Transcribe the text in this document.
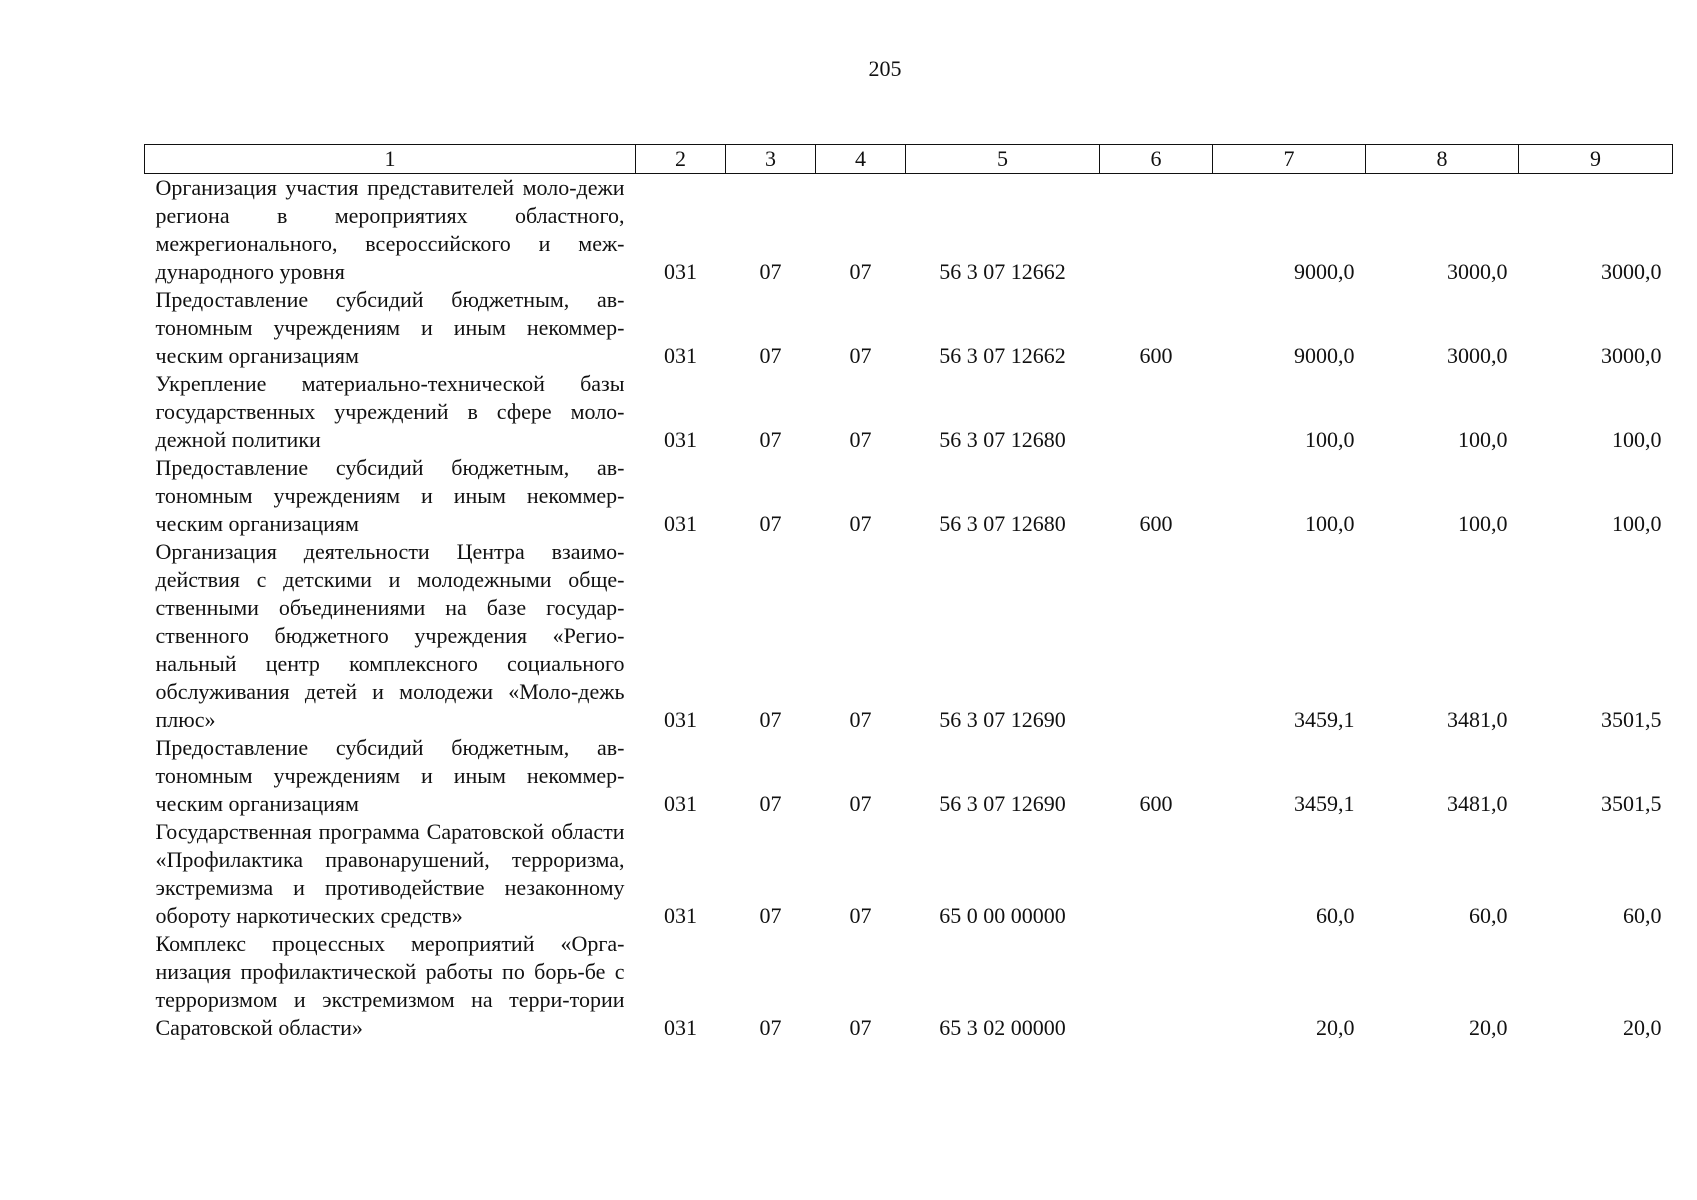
205
1	2	3	4	5	6	7	8	9
Организация участия представителей моло-дежи региона в мероприятиях областного, межрегионального, всероссийского и меж-дународного уровня	031	07	07	56 3 07 12662		9000,0	3000,0	3000,0
Предоставление субсидий бюджетным, ав-тономным учреждениям и иным некоммер-ческим организациям	031	07	07	56 3 07 12662	600	9000,0	3000,0	3000,0
Укрепление материально-технической базы государственных учреждений в сфере моло-дежной политики	031	07	07	56 3 07 12680		100,0	100,0	100,0
Предоставление субсидий бюджетным, ав-тономным учреждениям и иным некоммер-ческим организациям	031	07	07	56 3 07 12680	600	100,0	100,0	100,0
Организация деятельности Центра взаимо-действия с детскими и молодежными обще-ственными объединениями на базе государ-ственного бюджетного учреждения «Регио-нальный центр комплексного социального обслуживания детей и молодежи «Моло-дежь плюс»	031	07	07	56 3 07 12690		3459,1	3481,0	3501,5
Предоставление субсидий бюджетным, ав-тономным учреждениям и иным некоммер-ческим организациям	031	07	07	56 3 07 12690	600	3459,1	3481,0	3501,5
Государственная программа Саратовской области «Профилактика правонарушений, терроризма, экстремизма и противодействие незаконному обороту наркотических средств»	031	07	07	65 0 00 00000		60,0	60,0	60,0
Комплекс процессных мероприятий «Орга-низация профилактической работы по борь-бе с терроризмом и экстремизмом на терри-тории Саратовской области»	031	07	07	65 3 02 00000		20,0	20,0	20,0
